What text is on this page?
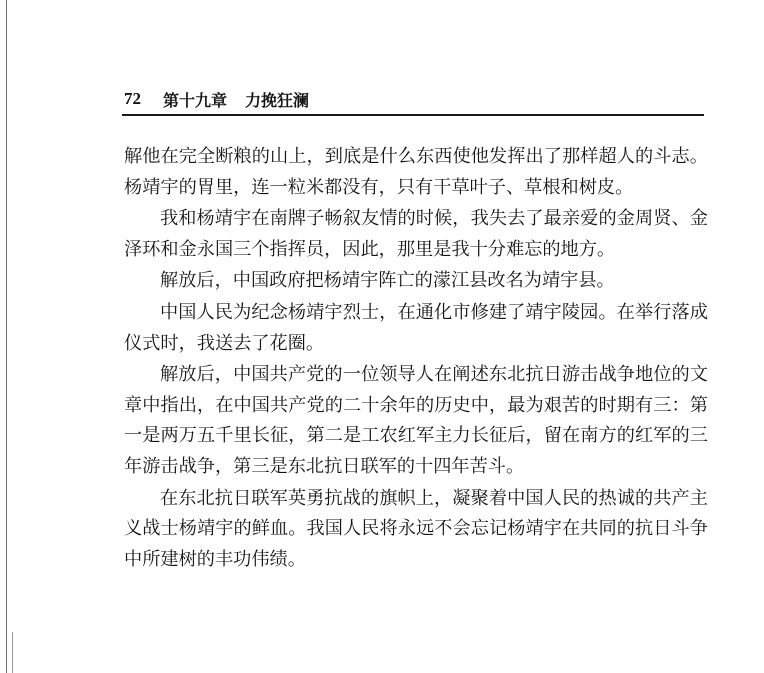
72 第十九章 力挽狂澜

解他在完全断粮的山上，到底是什么东西使他发挥出了那样超人的斗志。杨靖宇的胃里，连一粒米都没有，只有干草叶子、草根和树皮。

我和杨靖宇在南牌子畅叙友情的时候，我失去了最亲爱的金周贤、金泽环和金永国三个指挥员，因此，那里是我十分难忘的地方。

解放后，中国政府把杨靖宇阵亡的濛江县改名为靖宇县。

中国人民为纪念杨靖宇烈士，在通化市修建了靖宇陵园。在举行落成仪式时，我送去了花圈。

解放后，中国共产党的一位领导人在阐述东北抗日游击战争地位的文章中指出，在中国共产党的二十余年的历史中，最为艰苦的时期有三：第一是两万五千里长征，第二是工农红军主力长征后，留在南方的红军的三年游击战争，第三是东北抗日联军的十四年苦斗。

在东北抗日联军英勇抗战的旗帜上，凝聚着中国人民的热诚的共产主义战士杨靖宇的鲜血。我国人民将永远不会忘记杨靖宇在共同的抗日斗争中所建树的丰功伟绩。
